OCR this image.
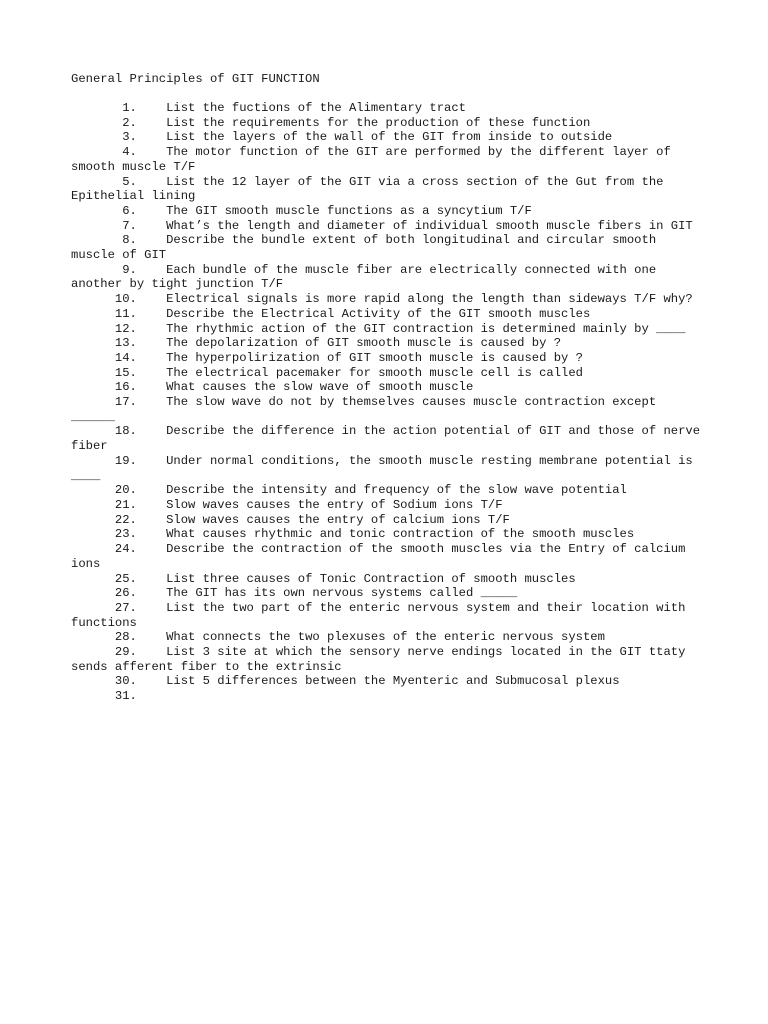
General Principles of GIT FUNCTION
1. List the fuctions of the Alimentary tract
2. List the requirements for the production of these function
3. List the layers of the wall of the GIT from inside to outside
4. The motor function of the GIT are performed by the different layer of smooth muscle T/F
5. List the 12 layer of the GIT via a cross section of the Gut from the Epithelial lining
6. The GIT smooth muscle functions as a syncytium T/F
7. What’s the length and diameter of individual smooth muscle fibers in GIT
8. Describe the bundle extent of both longitudinal and circular smooth muscle of GIT
9. Each bundle of the muscle fiber are electrically connected with one another by tight junction T/F
10. Electrical signals is more rapid along the length than sideways T/F why?
11. Describe the Electrical Activity of the GIT smooth muscles
12. The rhythmic action of the GIT contraction is determined mainly by ____
13. The depolarization of GIT smooth muscle is caused by ?
14. The hyperpolirization of GIT smooth muscle is caused by ?
15. The electrical pacemaker for smooth muscle cell is called
16. What causes the slow wave of smooth muscle
17. The slow wave do not by themselves causes muscle contraction except ______
18. Describe the difference in the action potential of GIT and those of nerve fiber
19. Under normal conditions, the smooth muscle resting membrane potential is ____
20. Describe the intensity and frequency of the slow wave potential
21. Slow waves causes the entry of Sodium ions T/F
22. Slow waves causes the entry of calcium ions T/F
23. What causes rhythmic and tonic contraction of the smooth muscles
24. Describe the contraction of the smooth muscles via the Entry of calcium ions
25. List three causes of Tonic Contraction of smooth muscles
26. The GIT has its own nervous systems called _____
27. List the two part of the enteric nervous system and their location with functions
28. What connects the two plexuses of the enteric nervous system
29. List 3 site at which the sensory nerve endings located in the GIT ttaty sends afferent fiber to the extrinsic
30. List 5 differences between the Myenteric and Submucosal plexus
31.
